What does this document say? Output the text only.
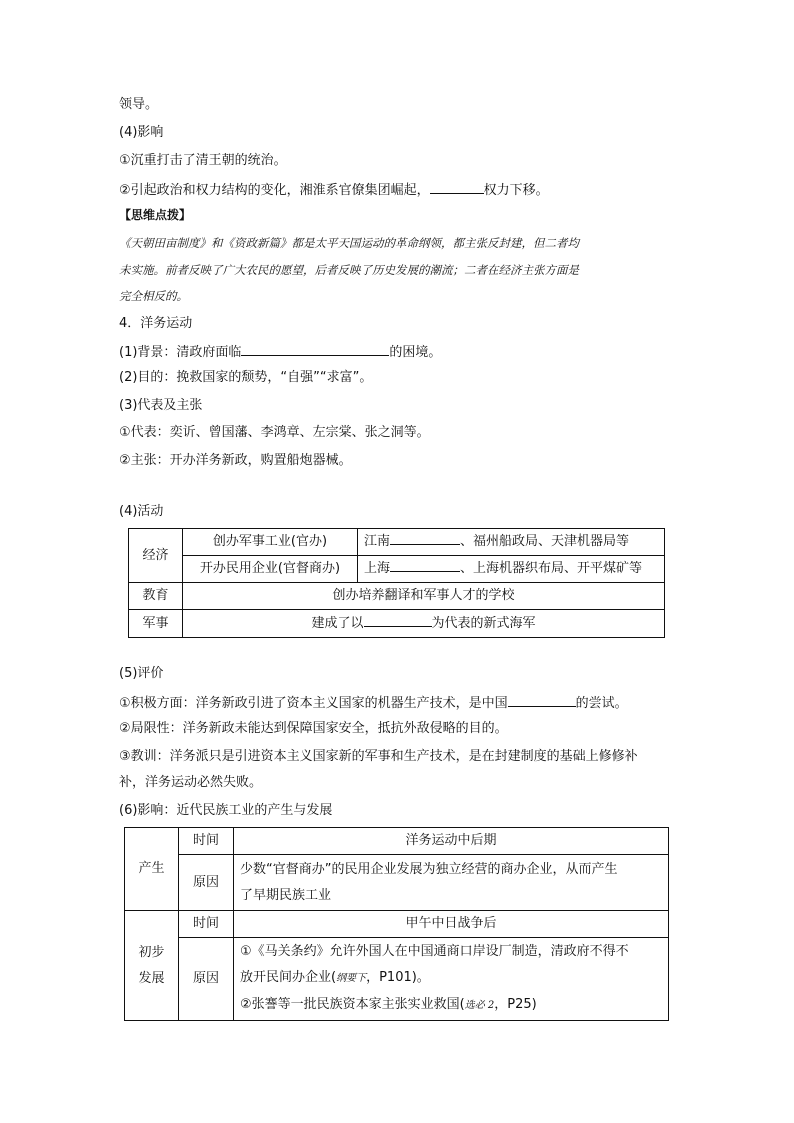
领导。
(4)影响
①沉重打击了清王朝的统治。
②引起政治和权力结构的变化，湘淮系官僚集团崛起，	权力下移。
【思维点拨】
《天朝田亩制度》和《资政新篇》都是太平天国运动的革命纲领，都主张反封建，但二者均
未实施。前者反映了广大农民的愿望，后者反映了历史发展的潮流；二者在经济主张方面是
完全相反的。
4．洋务运动
(1)背景：清政府面临	的困境。
(2)目的：挽救国家的颓势，“自强”“求富”。
(3)代表及主张
①代表：奕䜣、曾国藩、李鸿章、左宗棠、张之洞等。
②主张：开办洋务新政，购置船炮器械。
(4)活动
经济	创办军事工业(官办)	江南 、福州船政局、天津机器局等
	开办民用企业(官督商办)	上海 、上海机器织布局、开平煤矿等
教育	创办培养翻译和军事人才的学校	
军事	建成了以 为代表的新式海军	
(5)评价
①积极方面：洋务新政引进了资本主义国家的机器生产技术，是中国	的尝试。
②局限性：洋务新政未能达到保障国家安全，抵抗外敌侵略的目的。
③教训：洋务派只是引进资本主义国家新的军事和生产技术，是在封建制度的基础上修修补
补，洋务运动必然失败。
(6)影响：近代民族工业的产生与发展
产生	时间	洋务运动中后期
	原因	少数“官督商办”的民用企业发展为独立经营的商办企业，从而产生
了早期民族工业

初步
发展	时间	甲午中日战争后
	原因	①《马关条约》允许外国人在中国通商口岸设厂制造，清政府不得不
放开民间办企业(纲要下，P101)。
②张謇等一批民族资本家主张实业救国(选必 2，P25)
